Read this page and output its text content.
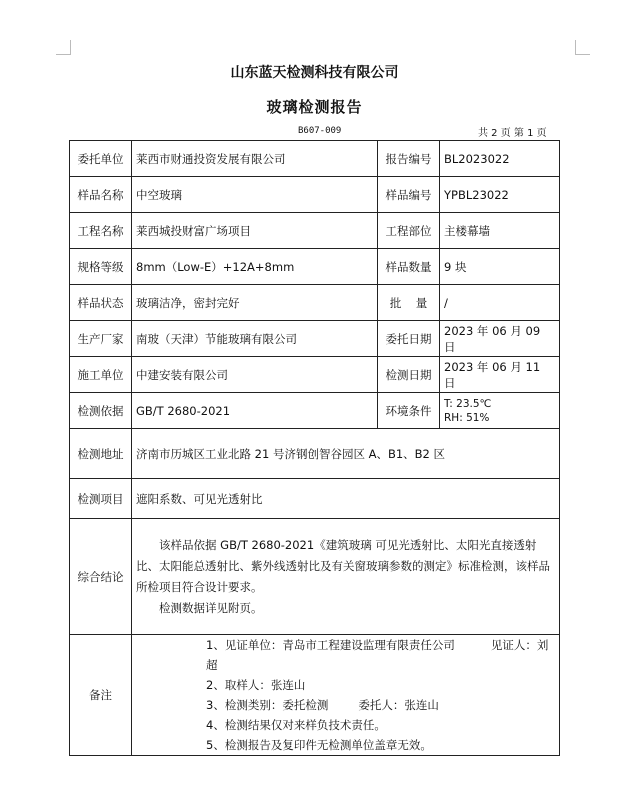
山东蓝天检测科技有限公司
玻璃检测报告
B607-009	共 2 页 第 1 页
委托单位	莱西市财通投资发展有限公司	报告编号	BL2023022
样品名称	中空玻璃	样品编号	YPBL23022
工程名称	莱西城投财富广场项目	工程部位	主楼幕墙
规格等级	8mm（Low-E）+12A+8mm	样品数量	9 块
样品状态	玻璃洁净，密封完好	批    量	/
生产厂家	南玻（天津）节能玻璃有限公司	委托日期	2023 年 06 月 09 日
施工单位	中建安装有限公司	检测日期	2023 年 06 月 11 日
检测依据	GB/T 2680-2021	环境条件	T: 23.5℃
RH: 51%

检测地址	济南市历城区工业北路 21 号济钢创智谷园区 A、B1、B2 区		
检测项目	遮阳系数、可见光透射比		
综合结论	该样品依据 GB/T 2680-2021《建筑玻璃 可见光透射比、太阳光直接透射比、太阳能总透射比、紫外线透射比及有关窗玻璃参数的测定》标准检测，该样品所检项目符合设计要求。

检测数据详见附页。		

备注	1、见证单位：青岛市工程建设监理有限责任公司 见证人：刘超
2、取样人：张连山
3、检测类别：委托检测 委托人：张连山
4、检测结果仅对来样负技术责任。
5、检测报告及复印件无检测单位盖章无效。		
